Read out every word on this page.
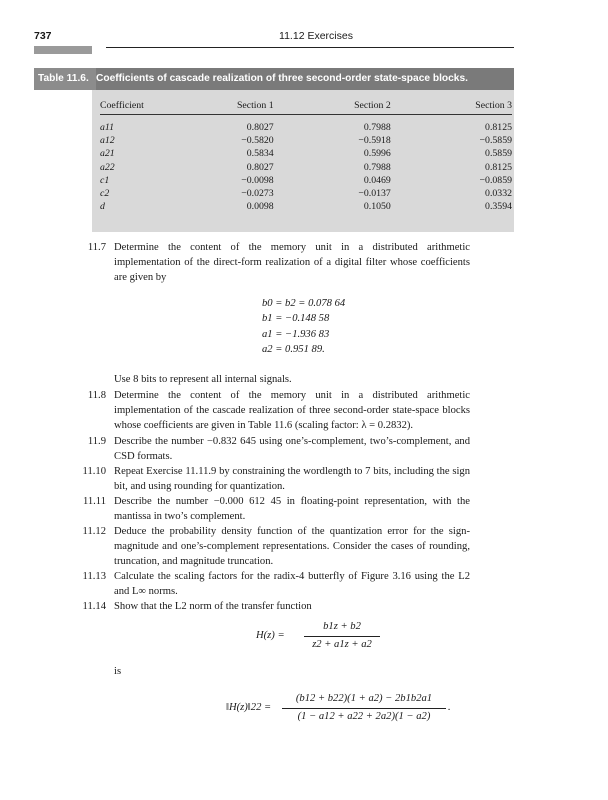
737	11.12 Exercises
Table 11.6. Coefficients of cascade realization of three second-order state-space blocks.
Coefficient	Section 1	Section 2	Section 3
a11	0.8027	0.7988	0.8125
a12	−0.5820	−0.5918	−0.5859
a21	0.5834	0.5996	0.5859
a22	0.8027	0.7988	0.8125
c1	−0.0098	0.0469	−0.0859
c2	−0.0273	−0.0137	0.0332
d	0.0098	0.1050	0.3594
11.7 Determine the content of the memory unit in a distributed arithmetic implementation of the direct-form realization of a digital filter whose coefficients are given by
b0 = b2 = 0.078 64
b1 = −0.148 58
a1 = −1.936 83
a2 = 0.951 89.
Use 8 bits to represent all internal signals.
11.8 Determine the content of the memory unit in a distributed arithmetic implementation of the cascade realization of three second-order state-space blocks whose coefficients are given in Table 11.6 (scaling factor: λ = 0.2832).
11.9 Describe the number −0.832 645 using one’s-complement, two’s-complement, and CSD formats.
11.10 Repeat Exercise 11.11.9 by constraining the wordlength to 7 bits, including the sign bit, and using rounding for quantization.
11.11 Describe the number −0.000 612 45 in floating-point representation, with the mantissa in two’s complement.
11.12 Deduce the probability density function of the quantization error for the sign-magnitude and one’s-complement representations. Consider the cases of rounding, truncation, and magnitude truncation.
11.13 Calculate the scaling factors for the radix-4 butterfly of Figure 3.16 using the L2 and L∞ norms.
11.14 Show that the L2 norm of the transfer function
H(z) =
b1z + b2
z2 + a1z + a2
is
‖H(z)‖22 =
(b12 + b22)(1 + a2) − 2b1b2a1
(1 − a12 + a22 + 2a2)(1 − a2)
.
